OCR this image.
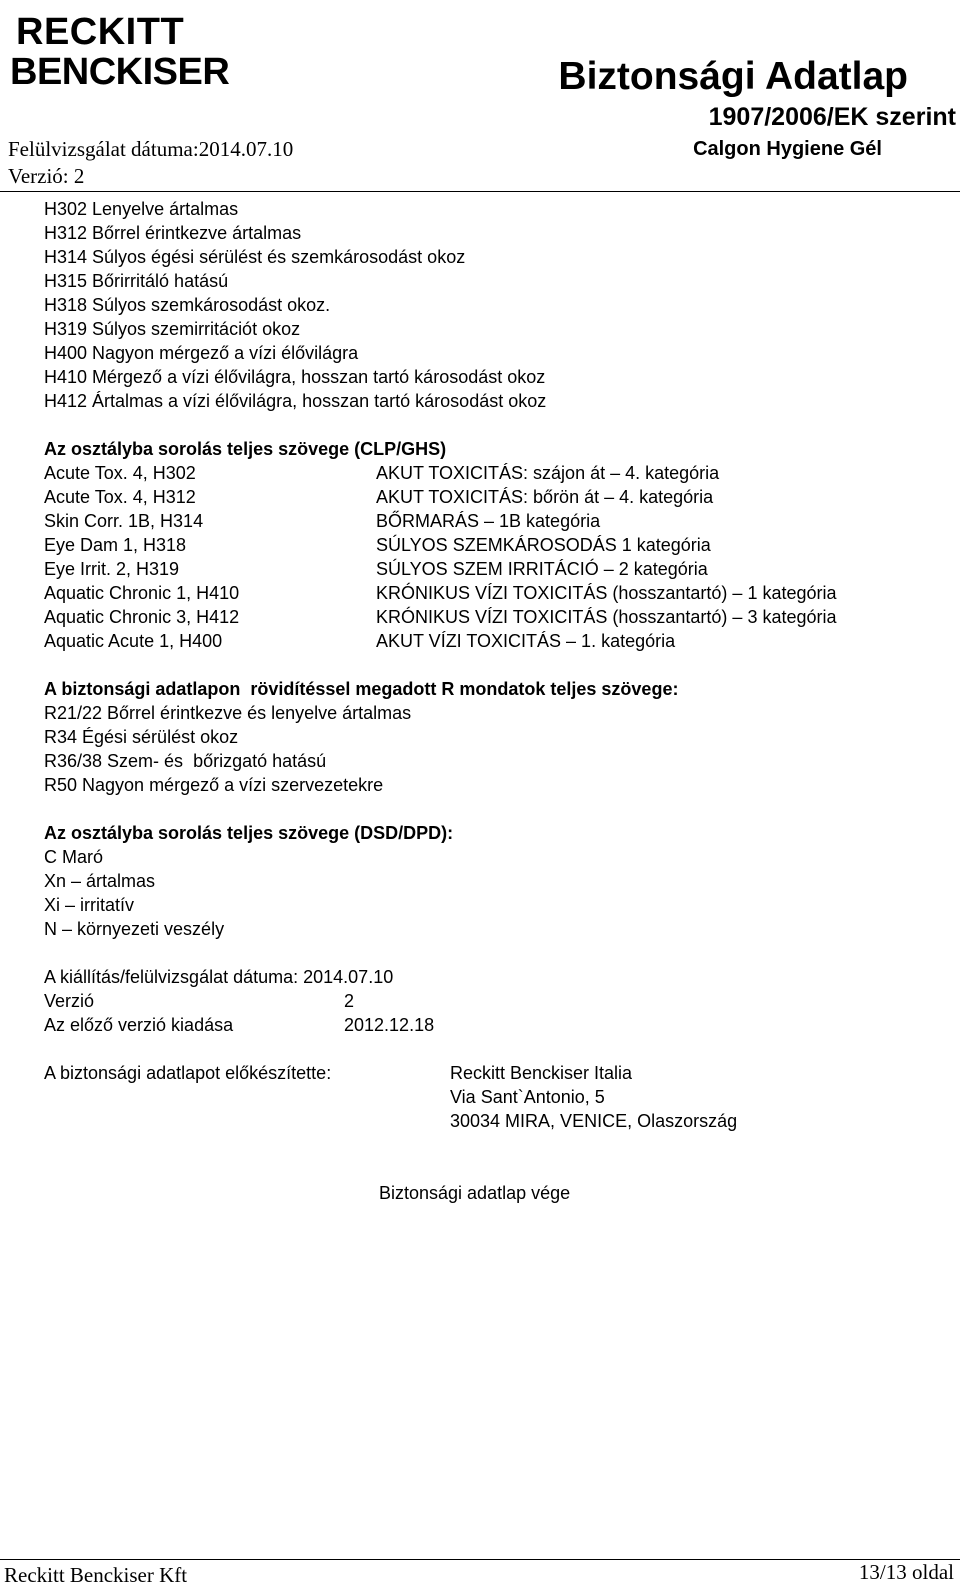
RECKITT
BENCKISER	Biztonsági Adatlap
1907/2006/EK szerint
Calgon Hygiene Gél
Felülvizsgálat dátuma:2014.07.10
Verzió: 2
H302 Lenyelve ártalmas
H312 Bőrrel érintkezve ártalmas
H314 Súlyos égési sérülést és szemkárosodást okoz
H315 Bőrirritáló hatású
H318 Súlyos szemkárosodást okoz.
H319 Súlyos szemirritációt okoz
H400 Nagyon mérgező a vízi élővilágra
H410 Mérgező a vízi élővilágra, hosszan tartó károsodást okoz
H412 Ártalmas a vízi élővilágra, hosszan tartó károsodást okoz
Az osztályba sorolás teljes szövege (CLP/GHS)
Acute Tox. 4, H302	AKUT TOXICITÁS: szájon át – 4. kategória
Acute Tox. 4, H312	AKUT TOXICITÁS: bőrön át – 4. kategória
Skin Corr. 1B, H314	BŐRMARÁS – 1B kategória
Eye Dam 1, H318	SÚLYOS SZEMKÁROSODÁS 1 kategória
Eye Irrit. 2, H319	SÚLYOS SZEM IRRITÁCIÓ – 2 kategória
Aquatic Chronic 1, H410	KRÓNIKUS VÍZI TOXICITÁS (hosszantartó) – 1 kategória
Aquatic Chronic 3, H412	KRÓNIKUS VÍZI TOXICITÁS (hosszantartó) – 3 kategória
Aquatic Acute 1, H400	AKUT VÍZI TOXICITÁS – 1. kategória
A biztonsági adatlapon  rövidítéssel megadott R mondatok teljes szövege:
R21/22 Bőrrel érintkezve és lenyelve ártalmas
R34 Égési sérülést okoz
R36/38 Szem- és  bőrizgató hatású
R50 Nagyon mérgező a vízi szervezetekre
Az osztályba sorolás teljes szövege (DSD/DPD):
C Maró
Xn – ártalmas
Xi – irritatív
N – környezeti veszély
A kiállítás/felülvizsgálat dátuma: 2014.07.10
Verzió	2
Az előző verzió kiadása	2012.12.18
A biztonsági adatlapot előkészítette:	Reckitt Benckiser Italia
Via Sant`Antonio, 5
30034 MIRA, VENICE, Olaszország
Biztonsági adatlap vége
Reckitt Benckiser Kft	13/13 oldal
